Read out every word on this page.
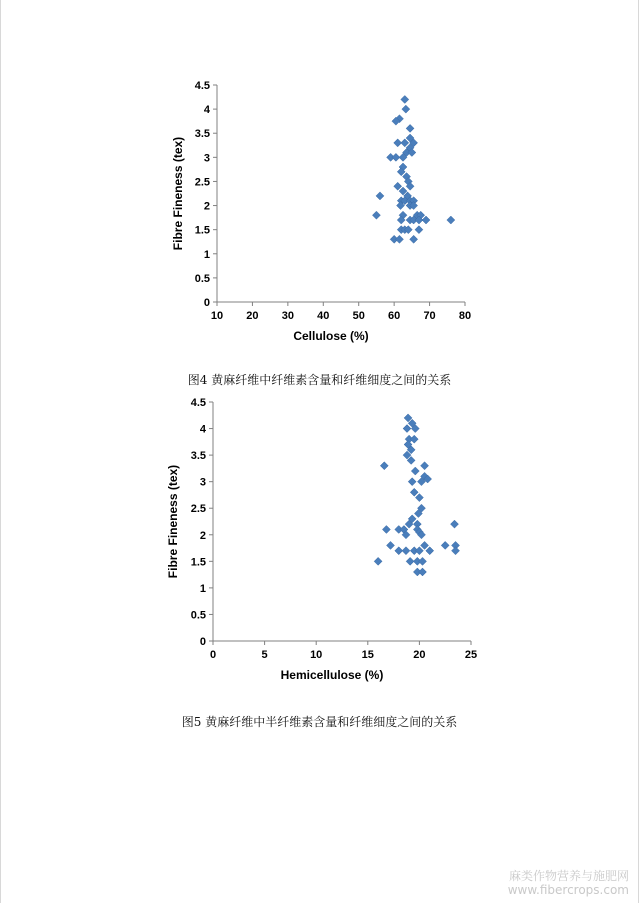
10 20 30 40 50 60 70 80
0
0.5
1
1.5
2
2.5
3
3.5
4
4.5
Cellulose (%)
Fibre Fineness (tex)
图4 黄麻纤维中纤维素含量和纤维细度之间的关系
0	5	10	15	20	25
0
0.5
1
1.5
2
2.5
3
3.5
4
4.5
Hemicellulose (%)
Fibre Fineness (tex)
图5 黄麻纤维中半纤维素含量和纤维细度之间的关系
麻类作物营养与施肥网
www.fibercrops.com
